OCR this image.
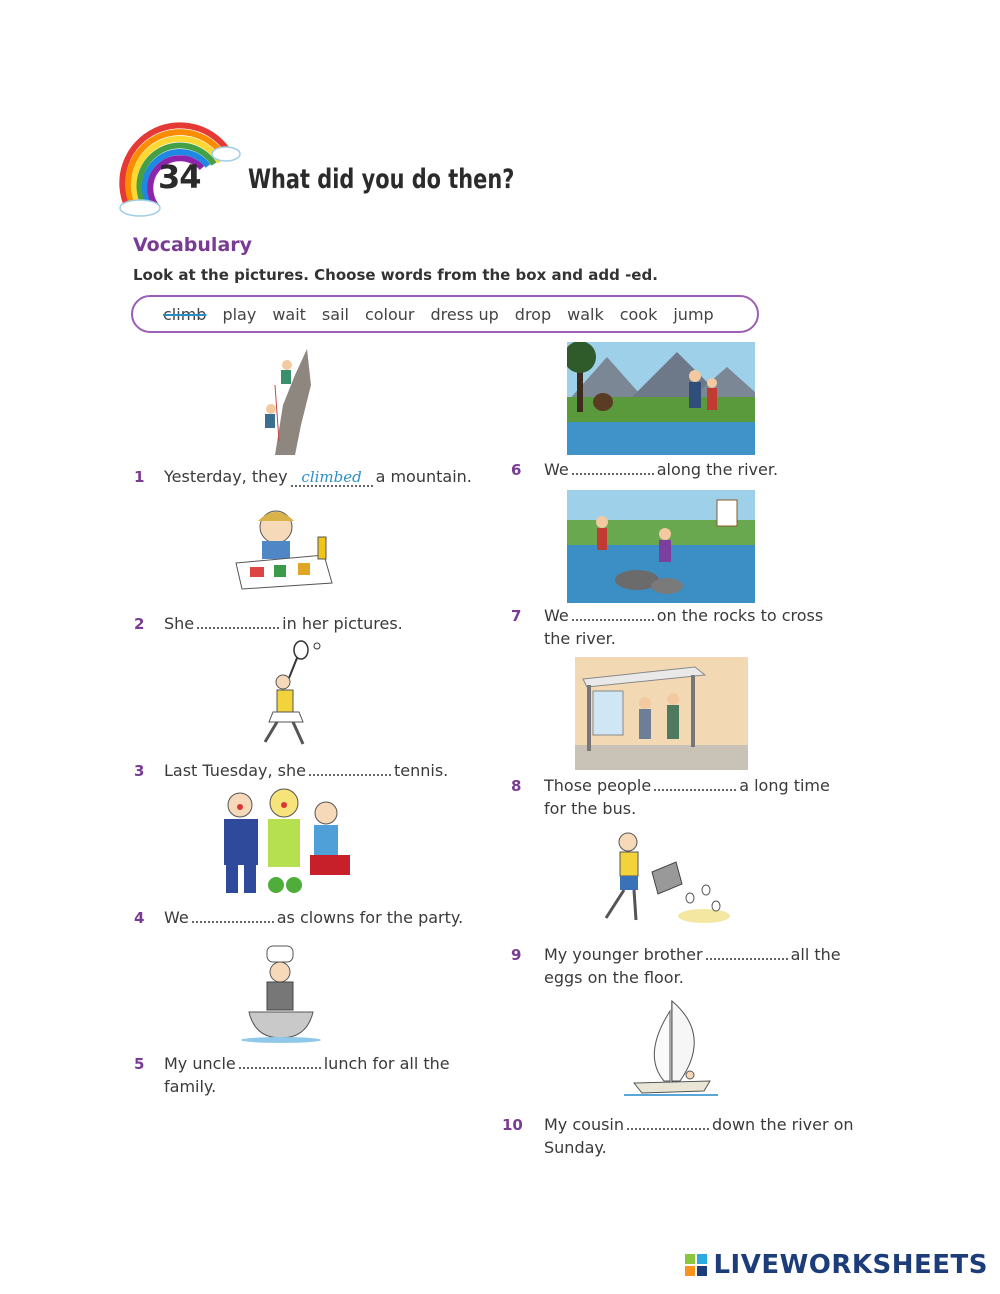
34 What did you do then?
Vocabulary
Look at the pictures. Choose words from the box and add -ed.
climb play wait sail colour dress up drop walk cook jump
1 Yesterday, they climbed a mountain.
2 She	in her pictures.
3 Last Tuesday, she	tennis.
4 We	as clowns for the party.
5 My uncle	lunch for all the
family.
6 We	along the river.
7 We	on the rocks to cross
the river.
8 Those people	a long time
for the bus.
9 My younger brother	all the
eggs on the floor.
10 My cousin	down the river on
Sunday.
LIVEWORKSHEETS
